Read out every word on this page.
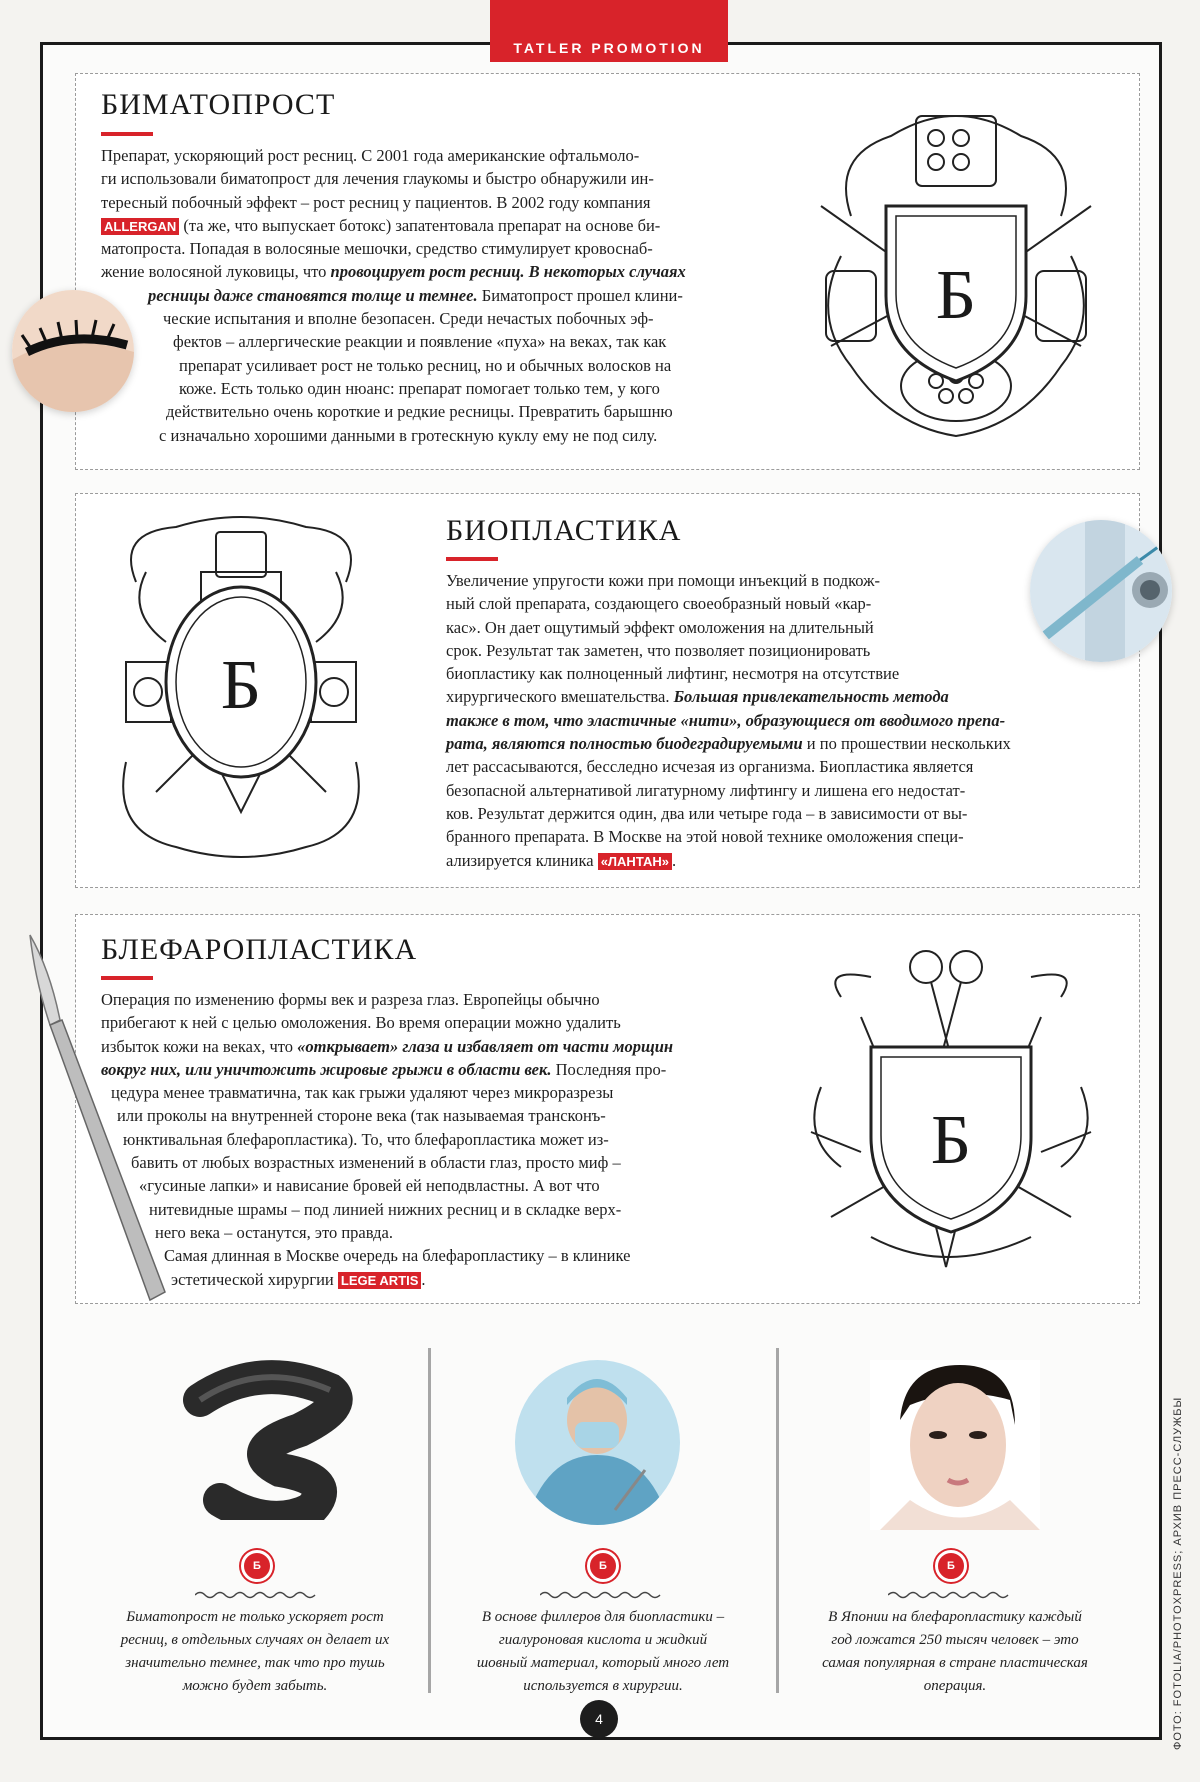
TATLER PROMOTION
БИМАТОПРОСТ
Препарат, ускоряющий рост ресниц. С 2001 года американские офтальмоло-
ги использовали биматопрост для лечения глаукомы и быстро обнаружили ин-
тересный побочный эффект – рост ресниц у пациентов. В 2002 году компания
ALLERGAN (та же, что выпускает ботокс) запатентовала препарат на основе би-
матопроста. Попадая в волосяные мешочки, средство стимулирует кровоснаб-
жение волосяной луковицы, что провоцирует рост ресниц. В некоторых случаях
ресницы даже становятся толще и темнее. Биматопрост прошел клини-
ческие испытания и вполне безопасен. Среди нечастых побочных эф-
фектов – аллергические реакции и появление «пуха» на веках, так как
препарат усиливает рост не только ресниц, но и обычных волосков на
коже. Есть только один нюанс: препарат помогает только тем, у кого
действительно очень короткие и редкие ресницы. Превратить барышню
с изначально хорошими данными в гротескную куклу ему не под силу.
Б
Б
БИОПЛАСТИКА
Увеличение упругости кожи при помощи инъекций в подкож-
ный слой препарата, создающего своеобразный новый «кар-
кас». Он дает ощутимый эффект омоложения на длительный
срок. Результат так заметен, что позволяет позиционировать
биопластику как полноценный лифтинг, несмотря на отсутствие
хирургического вмешательства. Большая привлекательность метода
также в том, что эластичные «нити», образующиеся от вводимого препа-
рата, являются полностью биодеградируемыми и по прошествии нескольких
лет рассасываются, бесследно исчезая из организма. Биопластика является
безопасной альтернативой лигатурному лифтингу и лишена его недостат-
ков. Результат держится один, два или четыре года – в зависимости от вы-
бранного препарата. В Москве на этой новой технике омоложения специ-
ализируется клиника «ЛАНТАН» .
БЛЕФАРОПЛАСТИКА
Операция по изменению формы век и разреза глаз. Европейцы обычно
прибегают к ней с целью омоложения. Во время операции можно удалить
избыток кожи на веках, что «открывает» глаза и избавляет от части морщин
вокруг них, или уничтожить жировые грыжи в области век. Последняя про-
цедура менее травматична, так как грыжи удаляют через микроразрезы
или проколы на внутренней стороне века (так называемая трансконъ-
юнктивальная блефаропластика). То, что блефаропластика может из-
бавить от любых возрастных изменений в области глаз, просто миф –
«гусиные лапки» и нависание бровей ей неподвластны. А вот что
нитевидные шрамы – под линией нижних ресниц и в складке верх-
него века – останутся, это правда.
Самая длинная в Москве очередь на блефаропластику – в клинике
эстетической хирургии LEGE ARTIS .
Б
Б	Б	Б
Биматопрост не только ускоряет рост
ресниц, в отдельных случаях он делает их
значительно темнее, так что про тушь
можно будет забыть.
В основе филлеров для биопластики –
гиалуроновая кислота и жидкий
шовный материал, который много лет
используется в хирургии.
В Японии на блефаропластику каждый
год ложатся 250 тысяч человек – это
самая популярная в стране пластическая
операция.	ФОТО: FOTOLIA/PHOTOXPRESS; АРХИВ ПРЕСС-СЛУЖБЫ
4
